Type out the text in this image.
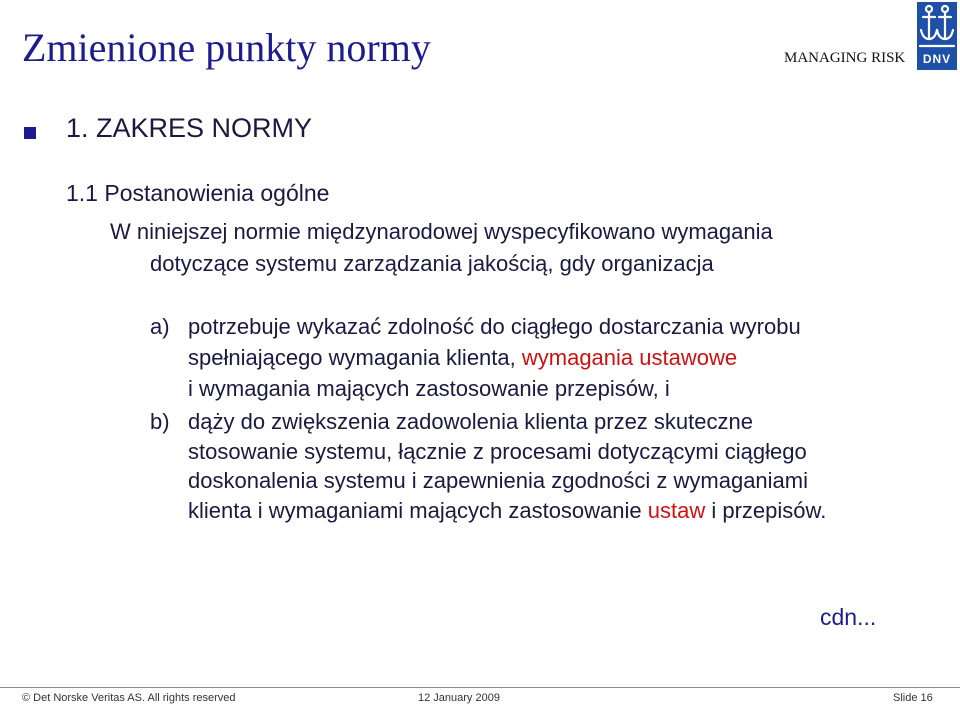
Zmienione punkty normy	MANAGING RISK	DNV
1. ZAKRES NORMY
1.1 Postanowienia ogólne
W niniejszej normie międzynarodowej wyspecyfikowano wymagania
dotyczące systemu zarządzania jakością, gdy organizacja
a) potrzebuje wykazać zdolność do ciągłego dostarczania wyrobu
spełniającego wymagania klienta, wymagania ustawowe
i wymagania mających zastosowanie przepisów, i
b) dąży do zwiększenia zadowolenia klienta przez skuteczne
stosowanie systemu, łącznie z procesami dotyczącymi ciągłego
doskonalenia systemu i zapewnienia zgodności z wymaganiami
klienta i wymaganiami mających zastosowanie ustaw i przepisów.
cdn...
© Det Norske Veritas AS. All rights reserved	12 January 2009	Slide 16
